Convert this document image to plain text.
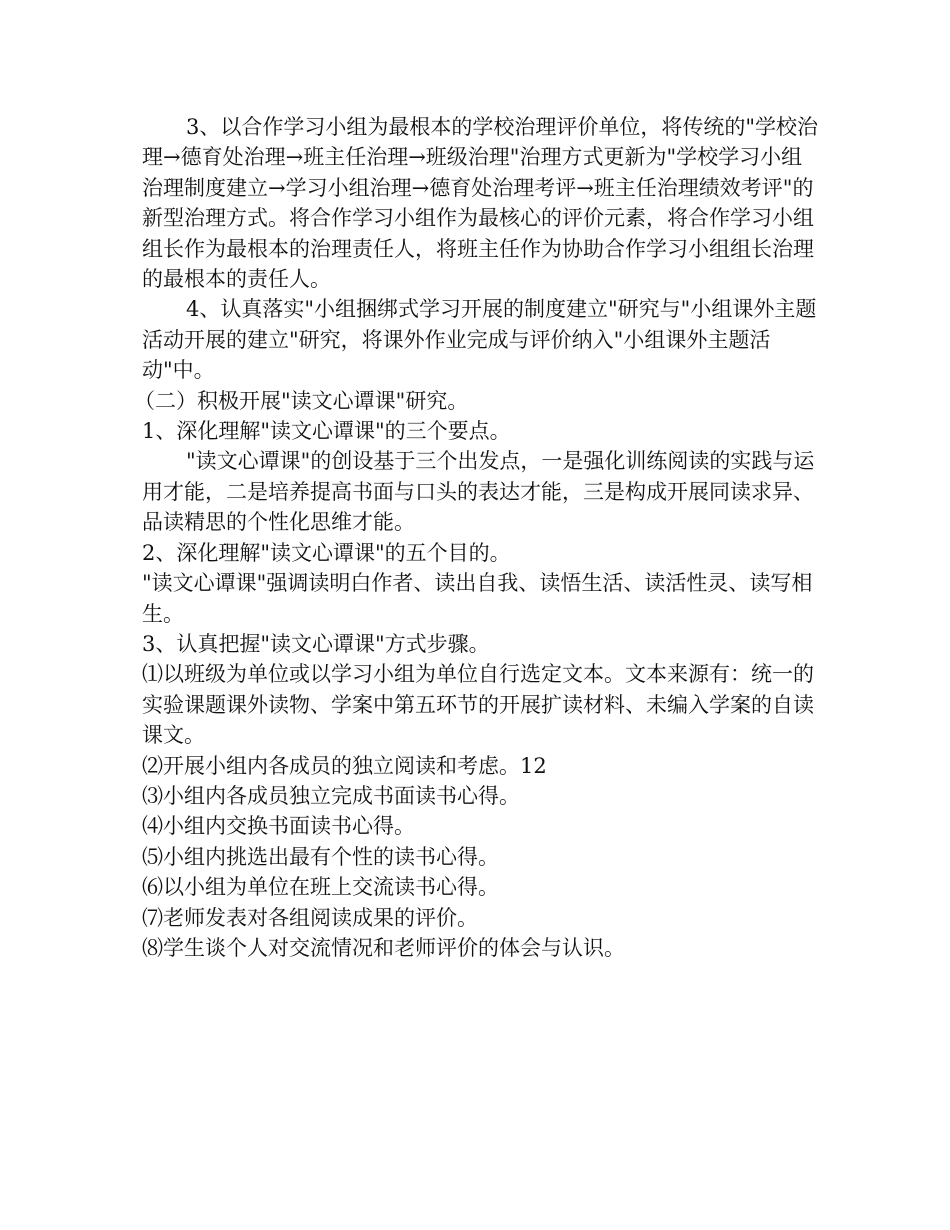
3、以合作学习小组为最根本的学校治理评价单位，将传统的"学校治理→德育处治理→班主任治理→班级治理"治理方式更新为"学校学习小组治理制度建立→学习小组治理→德育处治理考评→班主任治理绩效考评"的新型治理方式。将合作学习小组作为最核心的评价元素，将合作学习小组组长作为最根本的治理责任人，将班主任作为协助合作学习小组组长治理的最根本的责任人。

4、认真落实"小组捆绑式学习开展的制度建立"研究与"小组课外主题活动开展的建立"研究，将课外作业完成与评价纳入"小组课外主题活动"中。

（二）积极开展"读文心谭课"研究。

1、深化理解"读文心谭课"的三个要点。

"读文心谭课"的创设基于三个出发点，一是强化训练阅读的实践与运用才能，二是培养提高书面与口头的表达才能，三是构成开展同读求异、品读精思的个性化思维才能。

2、深化理解"读文心谭课"的五个目的。

"读文心谭课"强调读明白作者、读出自我、读悟生活、读活性灵、读写相生。

3、认真把握"读文心谭课"方式步骤。

⑴以班级为单位或以学习小组为单位自行选定文本。文本来源有：统一的实验课题课外读物、学案中第五环节的开展扩读材料、未编入学案的自读课文。

⑵开展小组内各成员的独立阅读和考虑。12

⑶小组内各成员独立完成书面读书心得。

⑷小组内交换书面读书心得。

⑸小组内挑选出最有个性的读书心得。

⑹以小组为单位在班上交流读书心得。

⑺老师发表对各组阅读成果的评价。

⑻学生谈个人对交流情况和老师评价的体会与认识。
